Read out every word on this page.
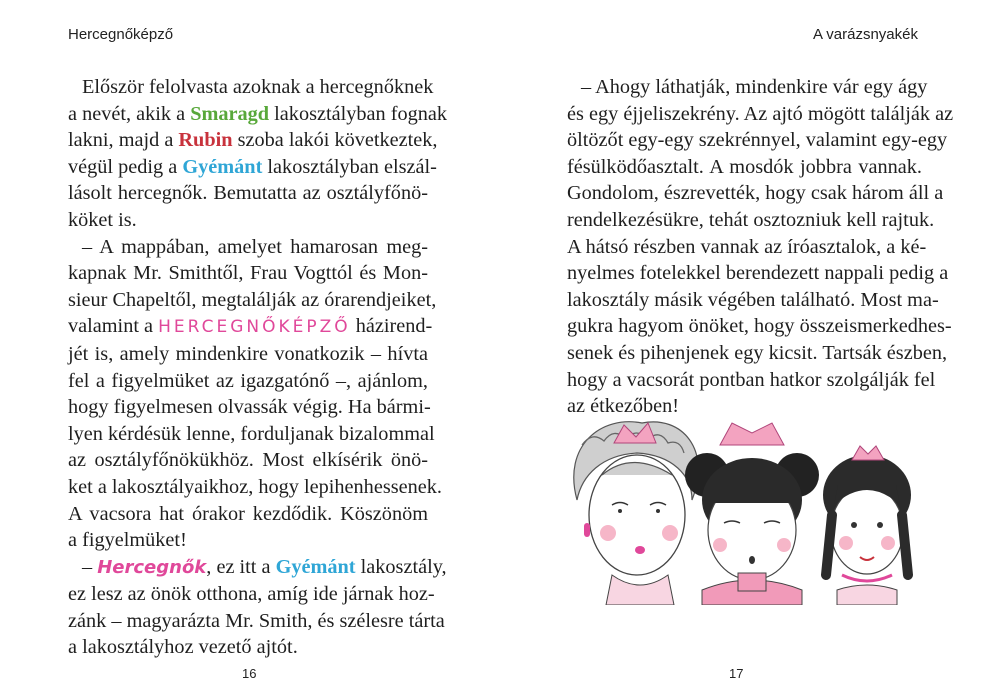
Hercegnőképző

Először felolvasta azoknak a hercegnőknek
a nevét, akik a Smaragd lakosztályban fognak
lakni, majd a Rubin szoba lakói következtek,
végül pedig a Gyémánt lakosztályban elszál-
lásolt hercegnők. Bemutatta az osztályfőnö-
köket is.

– A mappában, amelyet hamarosan meg-
kapnak Mr. Smithtől, Frau Vogttól és Mon-
sieur Chapeltől, megtalálják az órarendjeiket,
valamint a HERCEGNŐKÉPZŐ házirend-
jét is, amely mindenkire vonatkozik – hívta
fel a figyelmüket az igazgatónő –, ajánlom,
hogy figyelmesen olvassák végig. Ha bármi-
lyen kérdésük lenne, forduljanak bizalommal
az osztályfőnökükhöz. Most elkísérik önö-
ket a lakosztályaikhoz, hogy lepihenhessenek.
A vacsora hat órakor kezdődik. Köszönöm
a figyelmüket!

– Hercegnők, ez itt a Gyémánt lakosztály,
ez lesz az önök otthona, amíg ide járnak hoz-
zánk – magyarázta Mr. Smith, és szélesre tárta
a lakosztályhoz vezető ajtót.

16
A varázsnyakék

– Ahogy láthatják, mindenkire vár egy ágy
és egy éjjeliszekrény. Az ajtó mögött találják az
öltözőt egy-egy szekrénnyel, valamint egy-egy
fésülködőasztalt. A mosdók jobbra vannak.
Gondolom, észrevették, hogy csak három áll a
rendelkezésükre, tehát osztozniuk kell rajtuk.
A hátsó részben vannak az íróasztalok, a ké-
nyelmes fotelekkel berendezett nappali pedig a
lakosztály másik végében található. Most ma-
gukra hagyom önöket, hogy összeismerkedhes-
senek és pihenjenek egy kicsit. Tartsák észben,
hogy a vacsorát pontban hatkor szolgálják fel
az étkezőben!

17
